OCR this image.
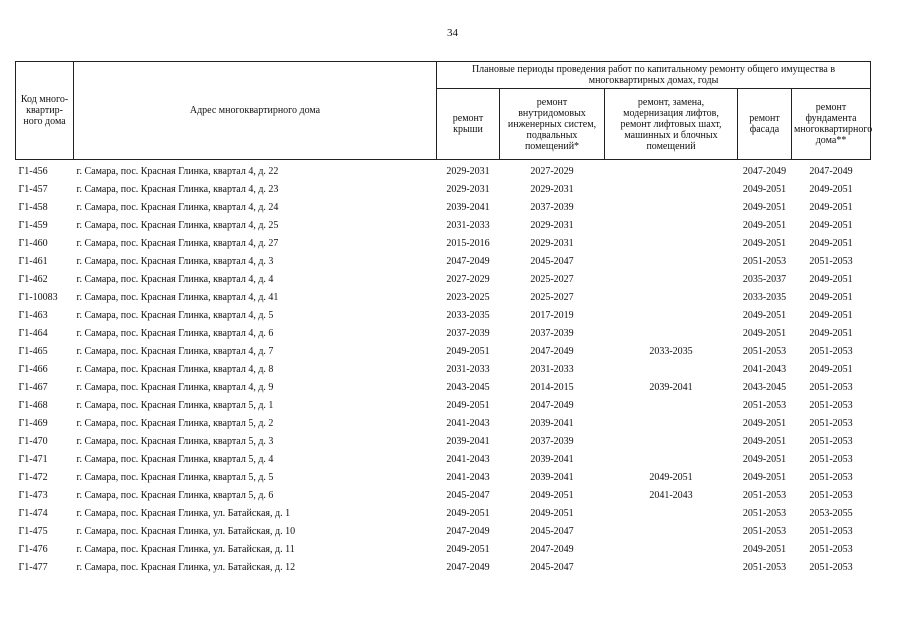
34
Код много-квартир-ного дома	Адрес многоквартирного дома	Плановые периоды проведения работ по капитальному ремонту общего имущества в многоквартирных домах, годы				
		ремонт крыши	ремонт внутридомовых инженерных систем, подвальных помещений*	ремонт, замена, модернизация лифтов, ремонт лифтовых шахт, машинных и блочных помещений	ремонт фасада	ремонт фундамента многоквартирного дома**
Г1-456	г. Самара, пос. Красная Глинка, квартал 4, д. 22	2029-2031	2027-2029		2047-2049	2047-2049
Г1-457	г. Самара, пос. Красная Глинка, квартал 4, д. 23	2029-2031	2029-2031		2049-2051	2049-2051
Г1-458	г. Самара, пос. Красная Глинка, квартал 4, д. 24	2039-2041	2037-2039		2049-2051	2049-2051
Г1-459	г. Самара, пос. Красная Глинка, квартал 4, д. 25	2031-2033	2029-2031		2049-2051	2049-2051
Г1-460	г. Самара, пос. Красная Глинка, квартал 4, д. 27	2015-2016	2029-2031		2049-2051	2049-2051
Г1-461	г. Самара, пос. Красная Глинка, квартал 4, д. 3	2047-2049	2045-2047		2051-2053	2051-2053
Г1-462	г. Самара, пос. Красная Глинка, квартал 4, д. 4	2027-2029	2025-2027		2035-2037	2049-2051
Г1-10083	г. Самара, пос. Красная Глинка, квартал 4, д. 41	2023-2025	2025-2027		2033-2035	2049-2051
Г1-463	г. Самара, пос. Красная Глинка, квартал 4, д. 5	2033-2035	2017-2019		2049-2051	2049-2051
Г1-464	г. Самара, пос. Красная Глинка, квартал 4, д. 6	2037-2039	2037-2039		2049-2051	2049-2051
Г1-465	г. Самара, пос. Красная Глинка, квартал 4, д. 7	2049-2051	2047-2049	2033-2035	2051-2053	2051-2053
Г1-466	г. Самара, пос. Красная Глинка, квартал 4, д. 8	2031-2033	2031-2033		2041-2043	2049-2051
Г1-467	г. Самара, пос. Красная Глинка, квартал 4, д. 9	2043-2045	2014-2015	2039-2041	2043-2045	2051-2053
Г1-468	г. Самара, пос. Красная Глинка, квартал 5, д. 1	2049-2051	2047-2049		2051-2053	2051-2053
Г1-469	г. Самара, пос. Красная Глинка, квартал 5, д. 2	2041-2043	2039-2041		2049-2051	2051-2053
Г1-470	г. Самара, пос. Красная Глинка, квартал 5, д. 3	2039-2041	2037-2039		2049-2051	2051-2053
Г1-471	г. Самара, пос. Красная Глинка, квартал 5, д. 4	2041-2043	2039-2041		2049-2051	2051-2053
Г1-472	г. Самара, пос. Красная Глинка, квартал 5, д. 5	2041-2043	2039-2041	2049-2051	2049-2051	2051-2053
Г1-473	г. Самара, пос. Красная Глинка, квартал 5, д. 6	2045-2047	2049-2051	2041-2043	2051-2053	2051-2053
Г1-474	г. Самара, пос. Красная Глинка, ул. Батайская, д. 1	2049-2051	2049-2051		2051-2053	2053-2055
Г1-475	г. Самара, пос. Красная Глинка, ул. Батайская, д. 10	2047-2049	2045-2047		2051-2053	2051-2053
Г1-476	г. Самара, пос. Красная Глинка, ул. Батайская, д. 11	2049-2051	2047-2049		2049-2051	2051-2053
Г1-477	г. Самара, пос. Красная Глинка, ул. Батайская, д. 12	2047-2049	2045-2047		2051-2053	2051-2053
